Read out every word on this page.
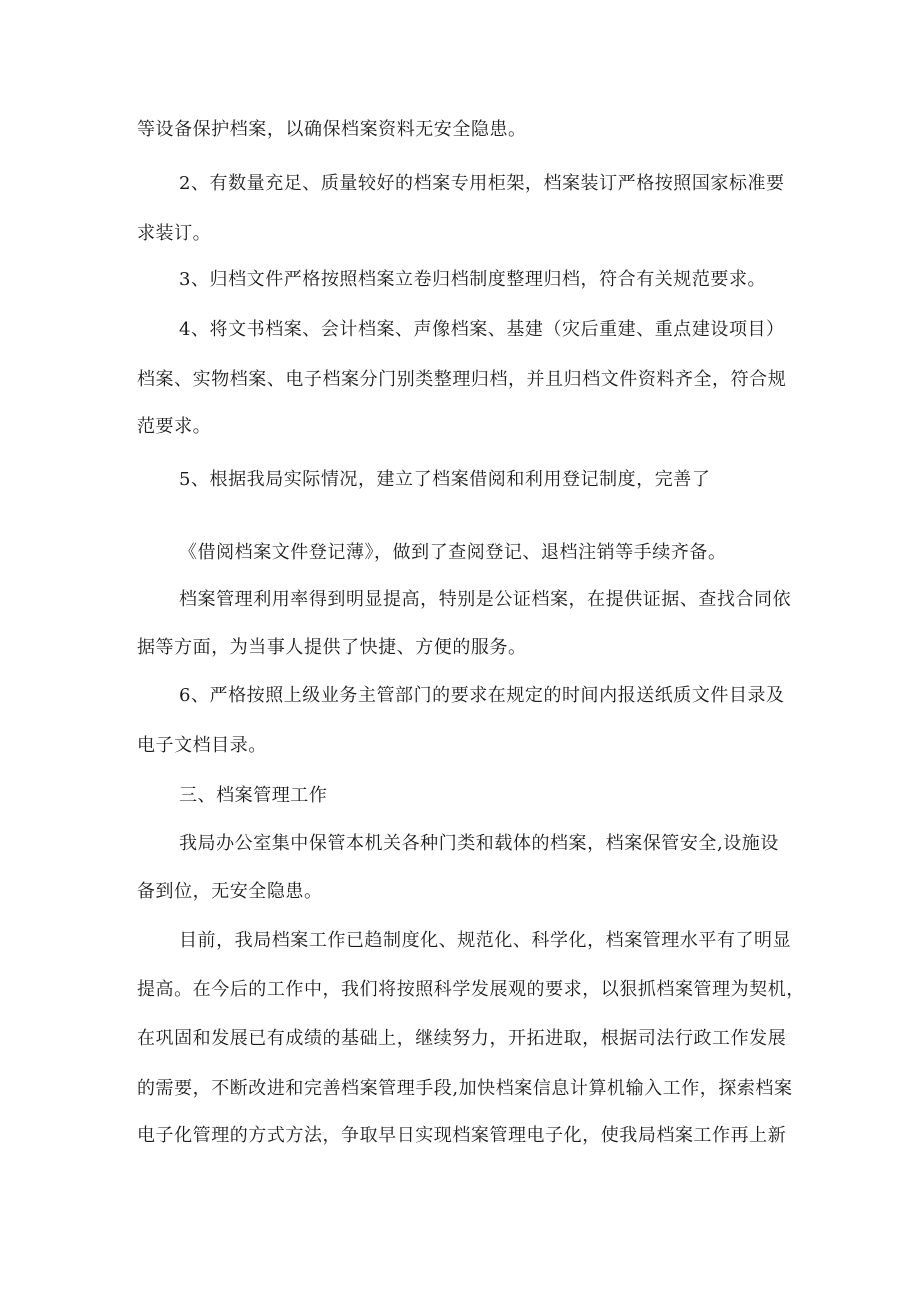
等设备保护档案，以确保档案资料无安全隐患。
2、有数量充足、质量较好的档案专用柜架，档案装订严格按照国家标准要
求装订。
3、归档文件严格按照档案立卷归档制度整理归档，符合有关规范要求。
4、将文书档案、会计档案、声像档案、基建（灾后重建、重点建设项目）
档案、实物档案、电子档案分门别类整理归档，并且归档文件资料齐全，符合规
范要求。
5、根据我局实际情况，建立了档案借阅和利用登记制度，完善了
《借阅档案文件登记薄》，做到了查阅登记、退档注销等手续齐备。
档案管理利用率得到明显提高，特别是公证档案，在提供证据、查找合同依
据等方面，为当事人提供了快捷、方便的服务。
6、严格按照上级业务主管部门的要求在规定的时间内报送纸质文件目录及
电子文档目录。
三、档案管理工作
我局办公室集中保管本机关各种门类和载体的档案，档案保管安全,设施设
备到位，无安全隐患。
目前，我局档案工作已趋制度化、规范化、科学化，档案管理水平有了明显
提高。在今后的工作中，我们将按照科学发展观的要求，以狠抓档案管理为契机，
在巩固和发展已有成绩的基础上，继续努力，开拓进取，根据司法行政工作发展
的需要，不断改进和完善档案管理手段,加快档案信息计算机输入工作，探索档案
电子化管理的方式方法，争取早日实现档案管理电子化，使我局档案工作再上新
